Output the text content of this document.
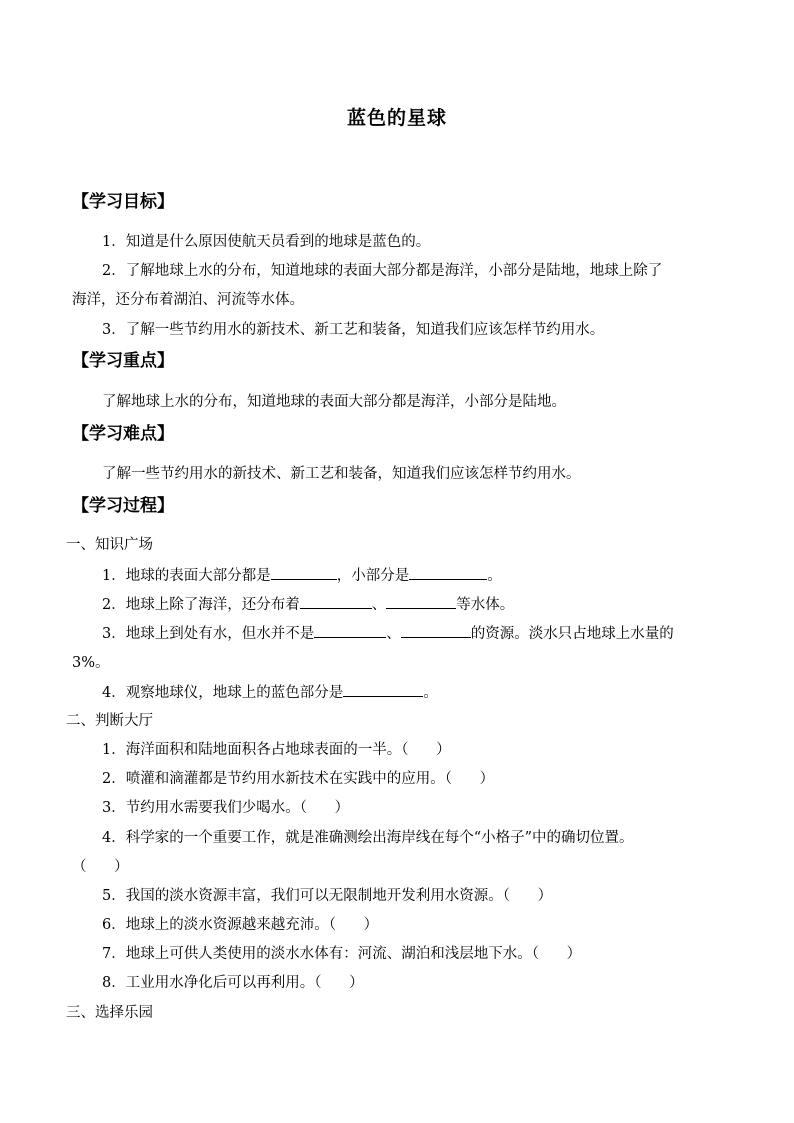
蓝色的星球
【学习目标】
1．知道是什么原因使航天员看到的地球是蓝色的。
2．了解地球上水的分布，知道地球的表面大部分都是海洋，小部分是陆地，地球上除了
海洋，还分布着湖泊、河流等水体。
3．了解一些节约用水的新技术、新工艺和装备，知道我们应该怎样节约用水。
【学习重点】
了解地球上水的分布，知道地球的表面大部分都是海洋，小部分是陆地。
【学习难点】
了解一些节约用水的新技术、新工艺和装备，知道我们应该怎样节约用水。
【学习过程】
一、知识广场
1．地球的表面大部分都是	，小部分是	。
2．地球上除了海洋，还分布着	、	等水体。
3．地球上到处有水，但水并不是	、	的资源。淡水只占地球上水量的
3%。
4．观察地球仪，地球上的蓝色部分是	。
二、判断大厅
1．海洋面积和陆地面积各占地球表面的一半。（      ）
2．喷灌和滴灌都是节约用水新技术在实践中的应用。（      ）
3．节约用水需要我们少喝水。（      ）
4．科学家的一个重要工作，就是准确测绘出海岸线在每个“小格子”中的确切位置。
（      ）
5．我国的淡水资源丰富，我们可以无限制地开发利用水资源。（      ）
6．地球上的淡水资源越来越充沛。（      ）
7．地球上可供人类使用的淡水水体有：河流、湖泊和浅层地下水。（      ）
8．工业用水净化后可以再利用。（      ）
三、选择乐园
